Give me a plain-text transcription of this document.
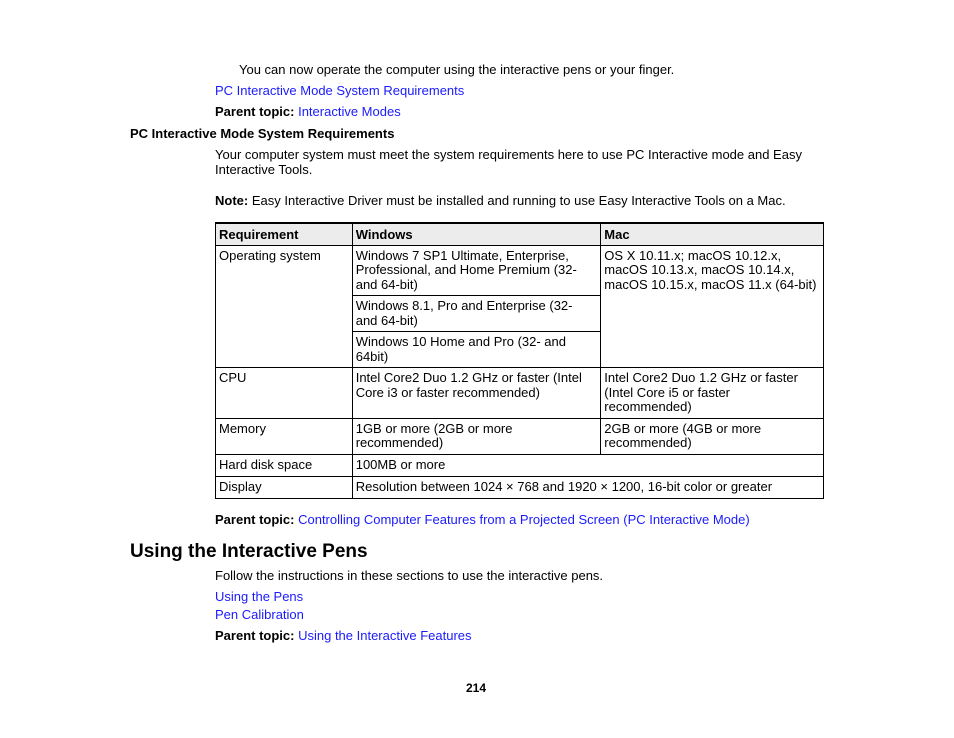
You can now operate the computer using the interactive pens or your finger.
PC Interactive Mode System Requirements
Parent topic: Interactive Modes
PC Interactive Mode System Requirements
Your computer system must meet the system requirements here to use PC Interactive mode and Easy Interactive Tools.
Note: Easy Interactive Driver must be installed and running to use Easy Interactive Tools on a Mac.
Requirement	Windows	Mac
Operating system	Windows 7 SP1 Ultimate, Enterprise, Professional, and Home Premium (32- and 64-bit)	OS X 10.11.x; macOS 10.12.x, macOS 10.13.x, macOS 10.14.x, macOS 10.15.x, macOS 11.x (64-bit)
	Windows 8.1, Pro and Enterprise (32- and 64-bit)	
	Windows 10 Home and Pro (32- and 64bit)	
CPU	Intel Core2 Duo 1.2 GHz or faster (Intel Core i3 or faster recommended)	Intel Core2 Duo 1.2 GHz or faster (Intel Core i5 or faster recommended)
Memory	1GB or more (2GB or more recommended)	2GB or more (4GB or more recommended)
Hard disk space	100MB or more	
Display	Resolution between 1024 × 768 and 1920 × 1200, 16-bit color or greater	
Parent topic: Controlling Computer Features from a Projected Screen (PC Interactive Mode)
Using the Interactive Pens
Follow the instructions in these sections to use the interactive pens.
Using the Pens
Pen Calibration
Parent topic: Using the Interactive Features
214
